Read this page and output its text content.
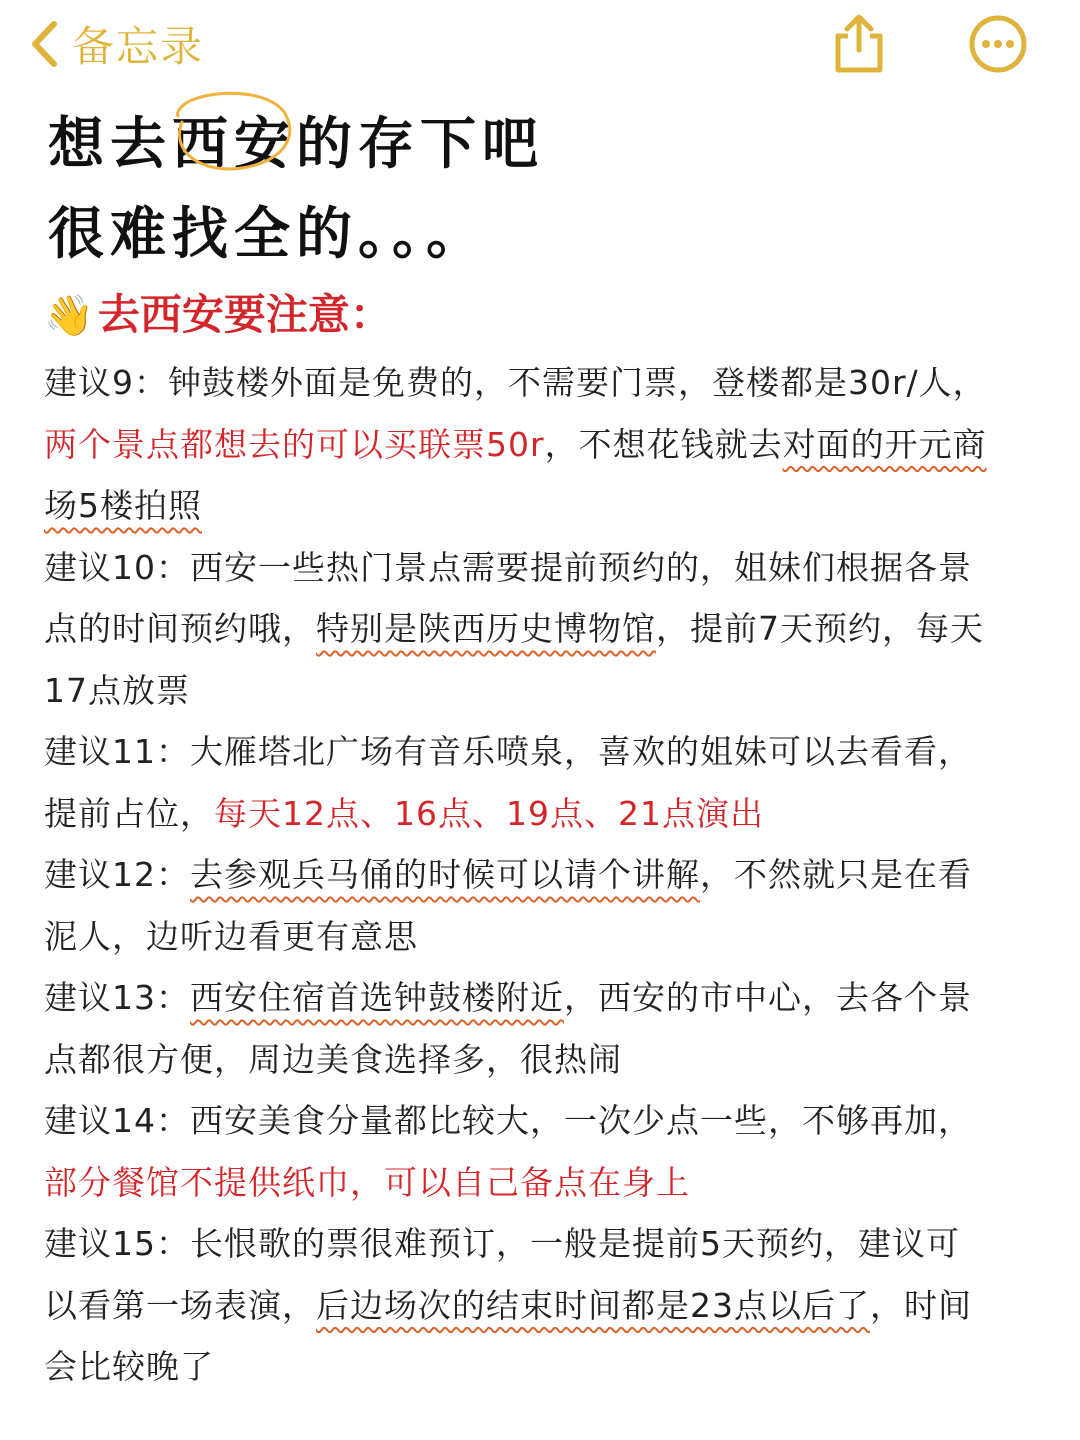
备忘录
想去
西安的存下吧
很难找全的。。。
👋去西安要注意：
建议9：钟鼓楼外面是免费的，不需要门票，登楼都是30r/人，
两个景点都想去的可以买联票50r，不想花钱就去对面的开元商
场5楼拍照
建议10：西安一些热门景点需要提前预约的，姐妹们根据各景
点的时间预约哦，特别是陕西历史博物馆，提前7天预约，每天
17点放票
建议11：大雁塔北广场有音乐喷泉，喜欢的姐妹可以去看看，
提前占位，每天12点、16点、19点、21点演出
建议12：去参观兵马俑的时候可以请个讲解，不然就只是在看
泥人，边听边看更有意思
建议13：西安住宿首选钟鼓楼附近，西安的市中心，去各个景
点都很方便，周边美食选择多，很热闹
建议14：西安美食分量都比较大，一次少点一些，不够再加，
部分餐馆不提供纸巾，可以自己备点在身上
建议15：长恨歌的票很难预订，一般是提前5天预约，建议可
以看第一场表演，后边场次的结束时间都是23点以后了，时间
会比较晚了
